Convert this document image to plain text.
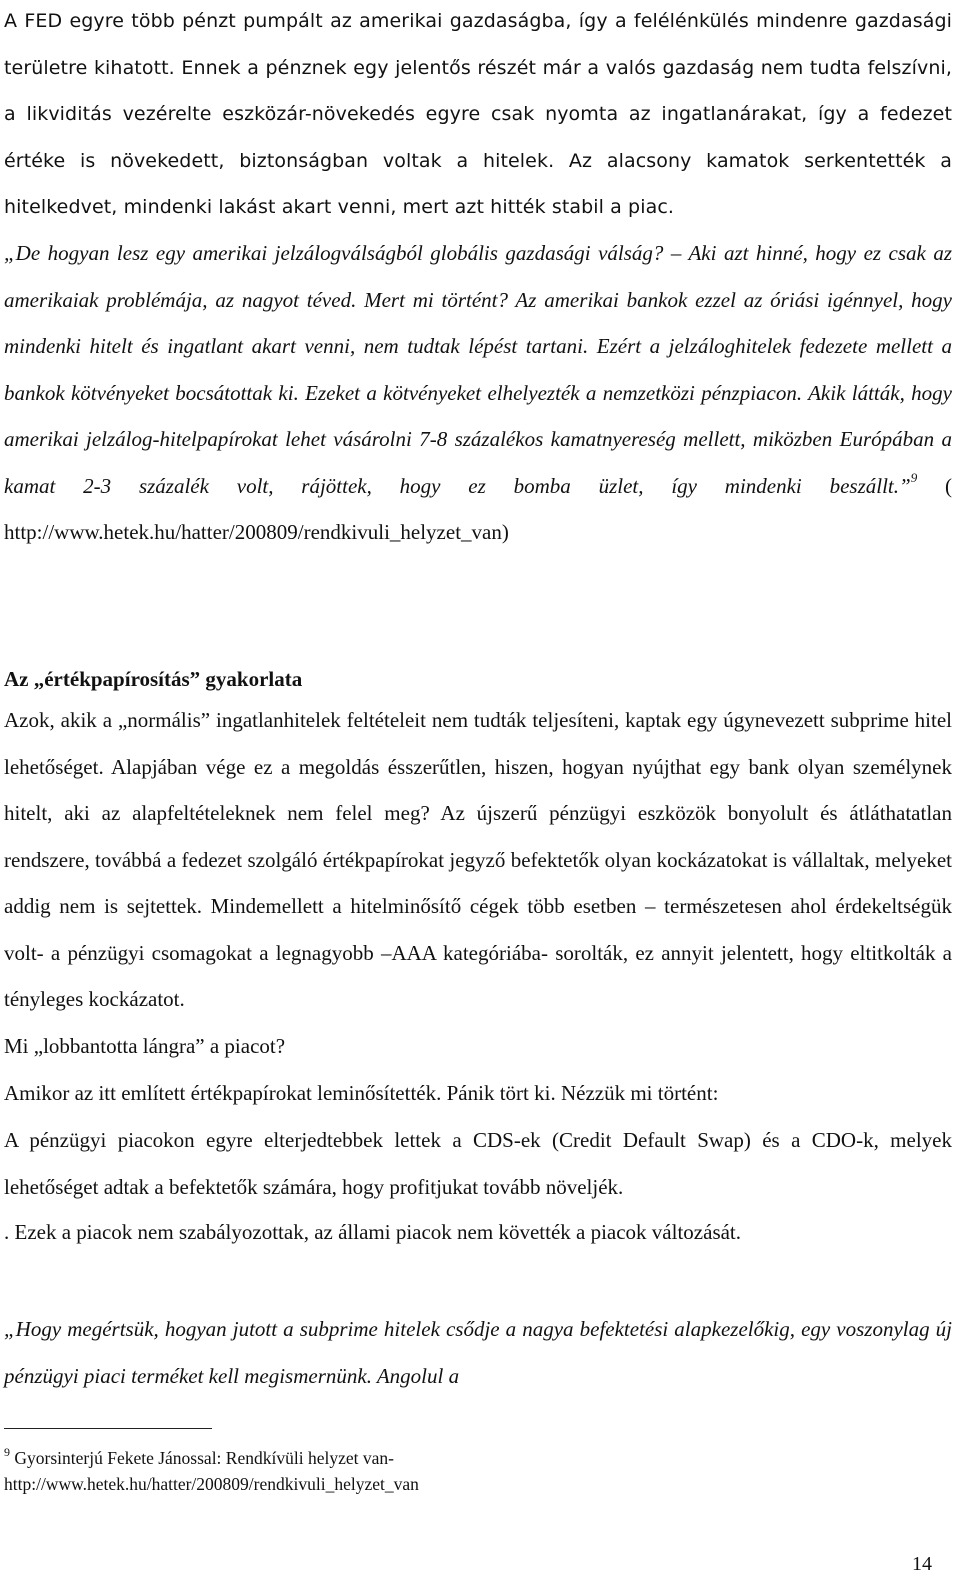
A FED egyre több pénzt pumpált az amerikai gazdaságba, így a felélénkülés mindenre gazdasági területre kihatott. Ennek a pénznek egy jelentős részét már a valós gazdaság nem tudta felszívni, a likviditás vezérelte eszközár-növekedés egyre csak nyomta az ingatlanárakat, így a fedezet értéke is növekedett, biztonságban voltak a hitelek. Az alacsony kamatok serkentették a hitelkedvet, mindenki lakást akart venni, mert azt hitték stabil a piac.

„De hogyan lesz egy amerikai jelzálogválságból globális gazdasági válság? – Aki azt hinné, hogy ez csak az amerikaiak problémája, az nagyot téved. Mert mi történt? Az amerikai bankok ezzel az óriási igénnyel, hogy mindenki hitelt és ingatlant akart venni, nem tudtak lépést tartani. Ezért a jelzáloghitelek fedezete mellett a bankok kötvényeket bocsátottak ki. Ezeket a kötvényeket elhelyezték a nemzetközi pénzpiacon. Akik látták, hogy amerikai jelzálog-hitelpapírokat lehet vásárolni 7-8 százalékos kamatnyereség mellett, miközben Európában a kamat 2-3 százalék volt, rájöttek, hogy ez bomba üzlet, így mindenki beszállt.”$^9$ ( http://www.hetek.hu/hatter/200809/rendkivuli_helyzet_van)

Az „értékpapírosítás” gyakorlata

Azok, akik a „normális” ingatlanhitelek feltételeit nem tudták teljesíteni, kaptak egy úgynevezett subprime hitel lehetőséget. Alapjában vége ez a megoldás ésszerűtlen, hiszen, hogyan nyújthat egy bank olyan személynek hitelt, aki az alapfeltételeknek nem felel meg? Az újszerű pénzügyi eszközök bonyolult és átláthatatlan rendszere, továbbá a fedezet szolgáló értékpapírokat jegyző befektetők olyan kockázatokat is vállaltak, melyeket addig nem is sejtettek. Mindemellett a hitelminősítő cégek több esetben – természetesen ahol érdekeltségük volt- a pénzügyi csomagokat a legnagyobb –AAA kategóriába- sorolták, ez annyit jelentett, hogy eltitkolták a tényleges kockázatot.

Mi „lobbantotta lángra” a piacot?

Amikor az itt említett értékpapírokat leminősítették. Pánik tört ki. Nézzük mi történt:

A pénzügyi piacokon egyre elterjedtebbek lettek a CDS-ek (Credit Default Swap) és a CDO-k, melyek lehetőséget adtak a befektetők számára, hogy profitjukat tovább növeljék.

. Ezek a piacok nem szabályozottak, az állami piacok nem követték a piacok változását.

„Hogy megértsük, hogyan jutott a subprime hitelek csődje a nagya befektetési alapkezelőkig, egy voszonylag új pénzügyi piaci terméket kell megismernünk. Angolul a

$^9$ Gyorsinterjú Fekete Jánossal: Rendkívüli helyzet van-
http://www.hetek.hu/hatter/200809/rendkivuli_helyzet_van

14
